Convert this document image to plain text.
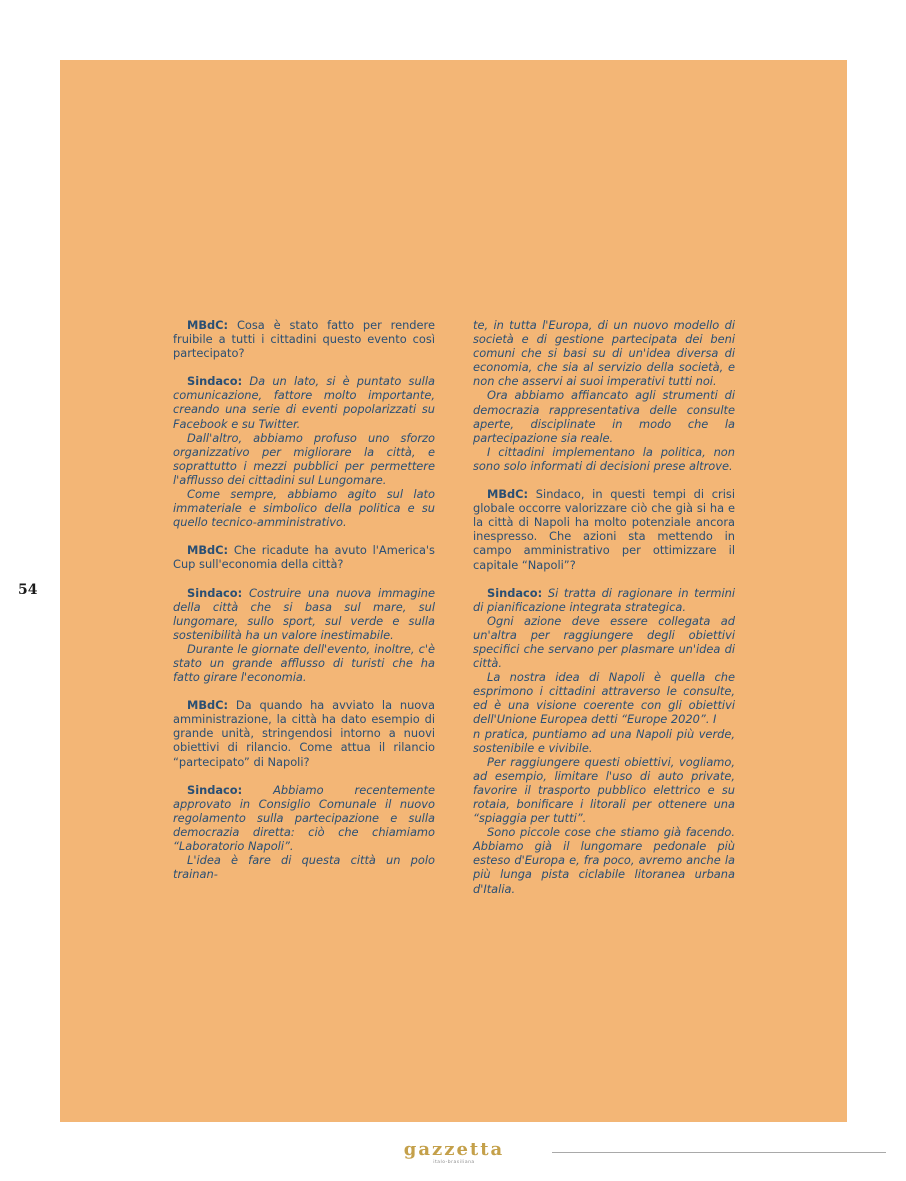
MBdC: Cosa è stato fatto per rendere fruibile a tutti i cittadini questo evento così partecipato?

Sindaco: Da un lato, si è puntato sulla comunicazione, fattore molto importante, creando una serie di eventi popolarizzati su Facebook e su Twitter.

Dall'altro, abbiamo profuso uno sforzo organizzativo per migliorare la città, e soprattutto i mezzi pubblici per permettere l'afflusso dei cittadini sul Lungomare.

Come sempre, abbiamo agito sul lato immateriale e simbolico della politica e su quello tecnico-amministrativo.

MBdC: Che ricadute ha avuto l'America's Cup sull'economia della città?

Sindaco: Costruire una nuova immagine della città che si basa sul mare, sul lungomare, sullo sport, sul verde e sulla sostenibilità ha un valore inestimabile.

Durante le giornate dell'evento, inoltre, c'è stato un grande afflusso di turisti che ha fatto girare l'economia.

MBdC: Da quando ha avviato la nuova amministrazione, la città ha dato esempio di grande unità, stringendosi intorno a nuovi obiettivi di rilancio. Come attua il rilancio “partecipato” di Napoli?

Sindaco: Abbiamo recentemente approvato in Consiglio Comunale il nuovo regolamento sulla partecipazione e sulla democrazia diretta: ciò che chiamiamo “Laboratorio Napoli”.

L'idea è fare di questa città un polo trainan-

te, in tutta l'Europa, di un nuovo modello di società e di gestione partecipata dei beni comuni che si basi su di un'idea diversa di economia, che sia al servizio della società, e non che asservi ai suoi imperativi tutti noi.

Ora abbiamo affiancato agli strumenti di democrazia rappresentativa delle consulte aperte, disciplinate in modo che la partecipazione sia reale.

I cittadini implementano la politica, non sono solo informati di decisioni prese altrove.

MBdC: Sindaco, in questi tempi di crisi globale occorre valorizzare ciò che già si ha e la città di Napoli ha molto potenziale ancora inespresso. Che azioni sta mettendo in campo amministrativo per ottimizzare il capitale “Napoli”?

Sindaco: Si tratta di ragionare in termini di pianificazione integrata strategica.

Ogni azione deve essere collegata ad un'altra per raggiungere degli obiettivi specifici che servano per plasmare un'idea di città.

La nostra idea di Napoli è quella che esprimono i cittadini attraverso le consulte, ed è una visione coerente con gli obiettivi dell'Unione Europea detti “Europe 2020”. I

n pratica, puntiamo ad una Napoli più verde, sostenibile e vivibile.

Per raggiungere questi obiettivi, vogliamo, ad esempio, limitare l'uso di auto private, favorire il trasporto pubblico elettrico e su rotaia, bonificare i litorali per ottenere una “spiaggia per tutti”.

Sono piccole cose che stiamo già facendo. Abbiamo già il lungomare pedonale più esteso d'Europa e, fra poco, avremo anche la più lunga pista ciclabile litoranea urbana d'Italia.

54
gazzetta
italo-brasiliana
